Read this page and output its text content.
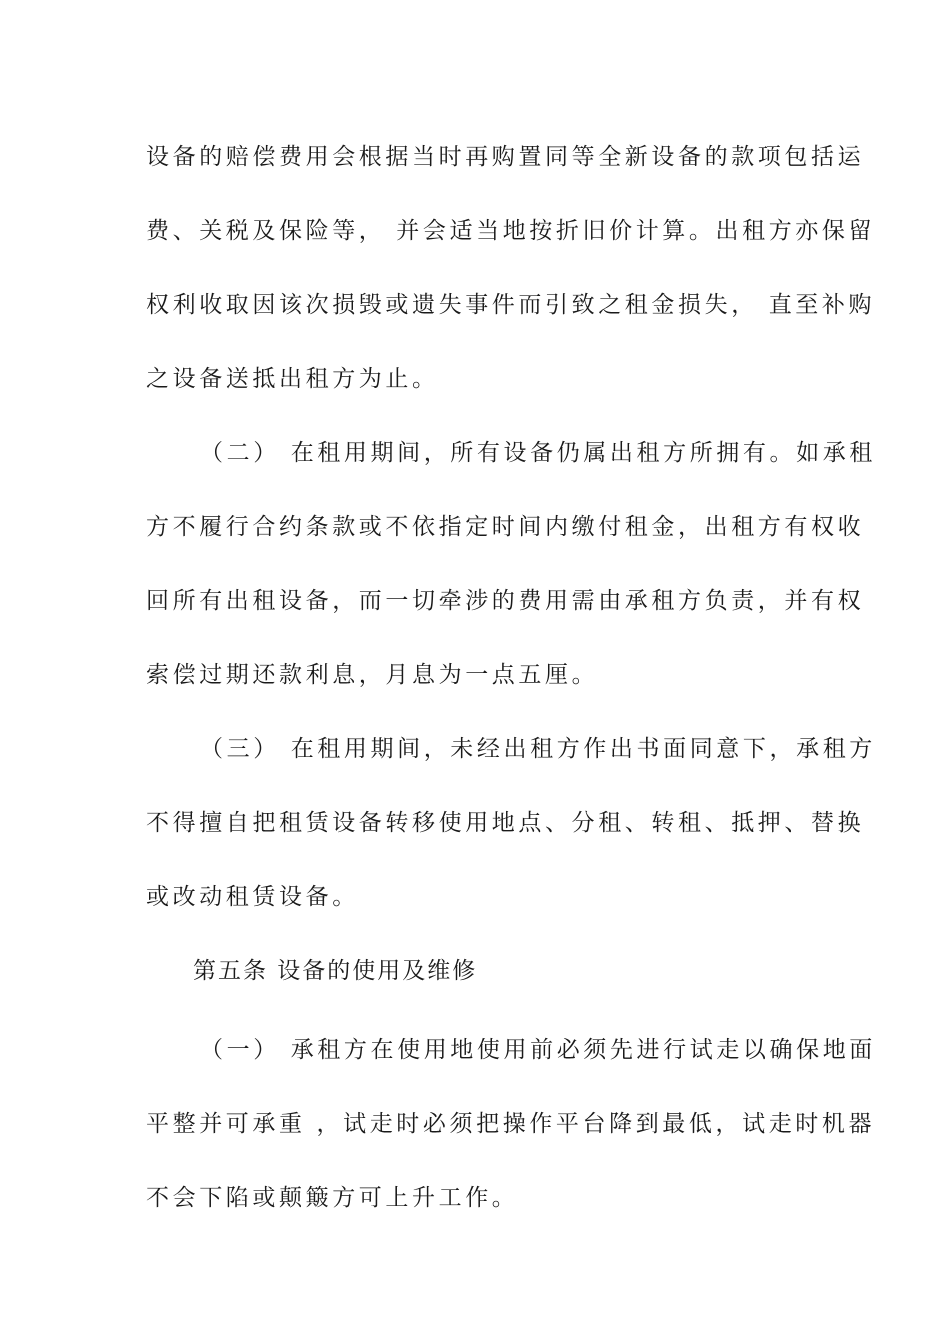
设备的赔偿费用会根据当时再购置同等全新设备的款项包括运
费、关税及保险等， 并会适当地按折旧价计算。出租方亦保留
权利收取因该次损毁或遗失事件而引致之租金损失， 直至补购
之设备送抵出租方为止。
（二） 在租用期间，所有设备仍属出租方所拥有。如承租
方不履行合约条款或不依指定时间内缴付租金，出租方有权收
回所有出租设备，而一切牵涉的费用需由承租方负责，并有权
索偿过期还款利息，月息为一点五厘。
（三） 在租用期间，未经出租方作出书面同意下，承租方
不得擅自把租赁设备转移使用地点、分租、转租、抵押、替换
或改动租赁设备。
第五条 设备的使用及维修
（一） 承租方在使用地使用前必须先进行试走以确保地面
平整并可承重 ，试走时必须把操作平台降到最低，试走时机器
不会下陷或颠簸方可上升工作。
